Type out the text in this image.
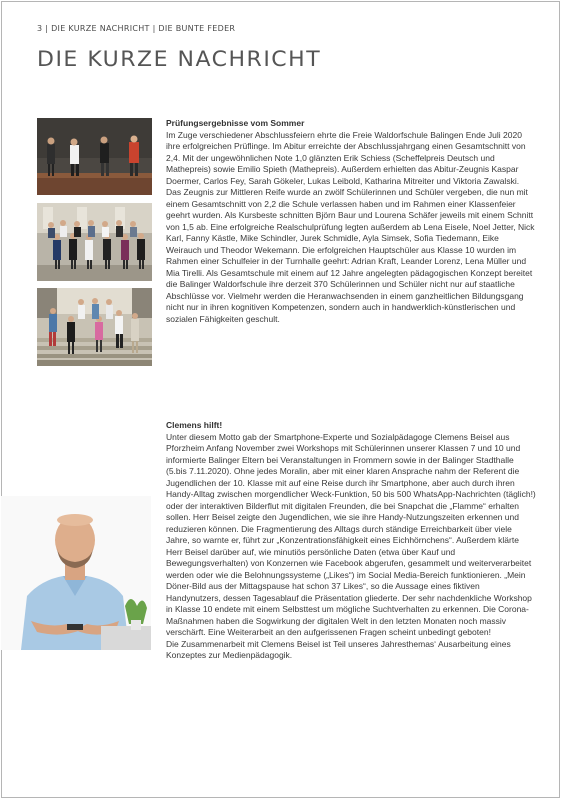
3 | DIE KURZE NACHRICHT | DIE BUNTE FEDER
DIE KURZE NACHRICHT
Prüfungsergebnisse vom Sommer

Im Zuge verschiedener Abschlussfeiern ehrte die Freie Waldorfschule Balingen Ende Juli 2020 ihre erfolgreichen Prüflinge. Im Abitur erreichte der Abschlussjahrgang einen Gesamtschnitt von 2,4. Mit der ungewöhnlichen Note 1,0 glänzten Erik Schiess (Scheffelpreis Deutsch und Mathepreis) sowie Emilio Spieth (Mathepreis). Außerdem erhielten das Abitur-Zeugnis Kaspar Doermer, Carlos Fey, Sarah Gökeler, Lukas Leibold, Katharina Mitreiter und Viktoria Zawalski. Das Zeugnis zur Mittleren Reife wurde an zwölf Schülerinnen und Schüler vergeben, die nun mit einem Gesamtschnitt von 2,2 die Schule verlassen haben und im Rahmen einer Klassenfeier geehrt wurden. Als Kursbeste schnitten Björn Baur und Lourena Schäfer jeweils mit einem Schnitt von 1,5 ab. Eine erfolgreiche Realschulprüfung legten außerdem ab Lena Eisele, Noel Jetter, Nick Karl, Fanny Kästle, Mike Schindler, Jurek Schmidle, Ayla Simsek, Sofia Tiedemann, Eike Weirauch und Theodor Wekemann. Die erfolgreichen Hauptschüler aus Klasse 10 wurden im Rahmen einer Schulfeier in der Turnhalle geehrt: Adrian Kraft, Leander Lorenz, Lena Müller und Mia Tirelli. Als Gesamtschule mit einem auf 12 Jahre angelegten pädagogischen Konzept bereitet die Balinger Waldorfschule ihre derzeit 370 Schülerinnen und Schüler nicht nur auf staatliche Abschlüsse vor. Vielmehr werden die Heranwachsenden in einem ganzheitlichen Bildungsgang nicht nur in ihren kognitiven Kompetenzen, sondern auch in handwerklich-künstlerischen und sozialen Fähigkeiten geschult.

Clemens hilft!

Unter diesem Motto gab der Smartphone-Experte und Sozialpädagoge Clemens Beisel aus Pforzheim Anfang November zwei Workshops mit Schülerinnen unserer Klassen 7 und 10 und informierte Balinger Eltern bei Veranstaltungen in Frommern sowie in der Balinger Stadthalle (5.bis 7.11.2020). Ohne jedes Moralin, aber mit einer klaren Ansprache nahm der Referent die Jugendlichen der 10. Klasse mit auf eine Reise durch ihr Smartphone, aber auch durch ihren Handy-Alltag zwischen morgendlicher Weck-Funktion, 50 bis 500 WhatsApp-Nachrichten (täglich!) oder der interaktiven Bilderflut mit digitalen Freunden, die bei Snapchat die „Flamme“ erhalten sollen. Herr Beisel zeigte den Jugendlichen, wie sie ihre Handy-Nutzungszeiten erkennen und reduzieren können. Die Fragmentierung des Alltags durch ständige Erreichbarkeit über viele Jahre, so warnte er, führt zur „Konzentrationsfähigkeit eines Eichhörnchens“. Außerdem klärte Herr Beisel darüber auf, wie minutiös persönliche Daten (etwa über Kauf und Bewegungsverhalten) von Konzernen wie Facebook abgerufen, gesammelt und weiterverarbeitet werden oder wie die Belohnungssysteme („Likes“) im Social Media-Bereich funktionieren. „Mein Döner-Bild aus der Mittagspause hat schon 37 Likes“, so die Aussage eines fiktiven Handynutzers, dessen Tagesablauf die Präsentation gliederte. Der sehr nachdenkliche Workshop in Klasse 10 endete mit einem Selbsttest um mögliche Suchtverhalten zu erkennen. Die Corona-Maßnahmen haben die Sogwirkung der digitalen Welt in den letzten Monaten noch massiv verschärft. Eine Weiterarbeit an den aufgerissenen Fragen scheint unbedingt geboten!

Die Zusammenarbeit mit Clemens Beisel ist Teil unseres Jahresthemas‘ Ausarbeitung eines Konzeptes zur Medienpädagogik.
